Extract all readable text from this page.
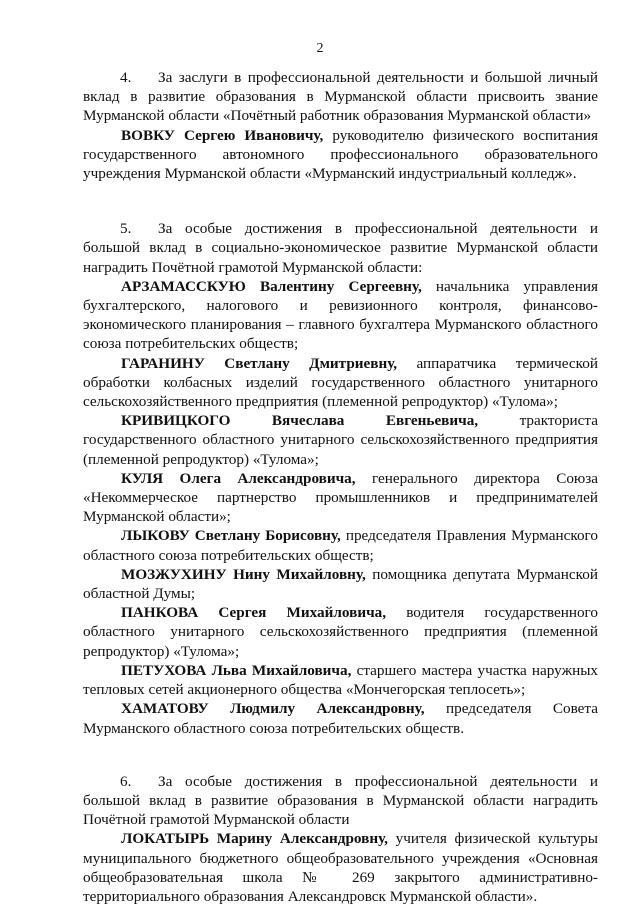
2

4. За заслуги в профессиональной деятельности и большой личный вклад в развитие образования в Мурманской области присвоить звание Мурманской области «Почётный работник образования Мурманской области»

ВОВКУ Сергею Ивановичу, руководителю физического воспитания государственного автономного профессионального образовательного учреждения Мурманской области «Мурманский индустриальный колледж».

5. За особые достижения в профессиональной деятельности и большой вклад в социально-экономическое развитие Мурманской области наградить Почётной грамотой Мурманской области:

АРЗАМАССКУЮ Валентину Сергеевну, начальника управления бухгалтерского, налогового и ревизионного контроля, финансово-экономического планирования – главного бухгалтера Мурманского областного союза потребительских обществ;

ГАРАНИНУ Светлану Дмитриевну, аппаратчика термической обработки колбасных изделий государственного областного унитарного сельскохозяйственного предприятия (племенной репродуктор) «Тулома»;

КРИВИЦКОГО Вячеслава Евгеньевича, тракториста государственного областного унитарного сельскохозяйственного предприятия (племенной репродуктор) «Тулома»;

КУЛЯ Олега Александровича, генерального директора Союза «Некоммерческое партнерство промышленников и предпринимателей Мурманской области»;

ЛЫКОВУ Светлану Борисовну, председателя Правления Мурманского областного союза потребительских обществ;

МОЗЖУХИНУ Нину Михайловну, помощника депутата Мурманской областной Думы;

ПАНКОВА Сергея Михайловича, водителя государственного областного унитарного сельскохозяйственного предприятия (племенной репродуктор) «Тулома»;

ПЕТУХОВА Льва Михайловича, старшего мастера участка наружных тепловых сетей акционерного общества «Мончегорская теплосеть»;

ХАМАТОВУ Людмилу Александровну, председателя Совета Мурманского областного союза потребительских обществ.

6. За особые достижения в профессиональной деятельности и большой вклад в развитие образования в Мурманской области наградить Почётной грамотой Мурманской области

ЛОКАТЫРЬ Марину Александровну, учителя физической культуры муниципального бюджетного общеобразовательного учреждения «Основная общеобразовательная школа № 269 закрытого административно-территориального образования Александровск Мурманской области».
